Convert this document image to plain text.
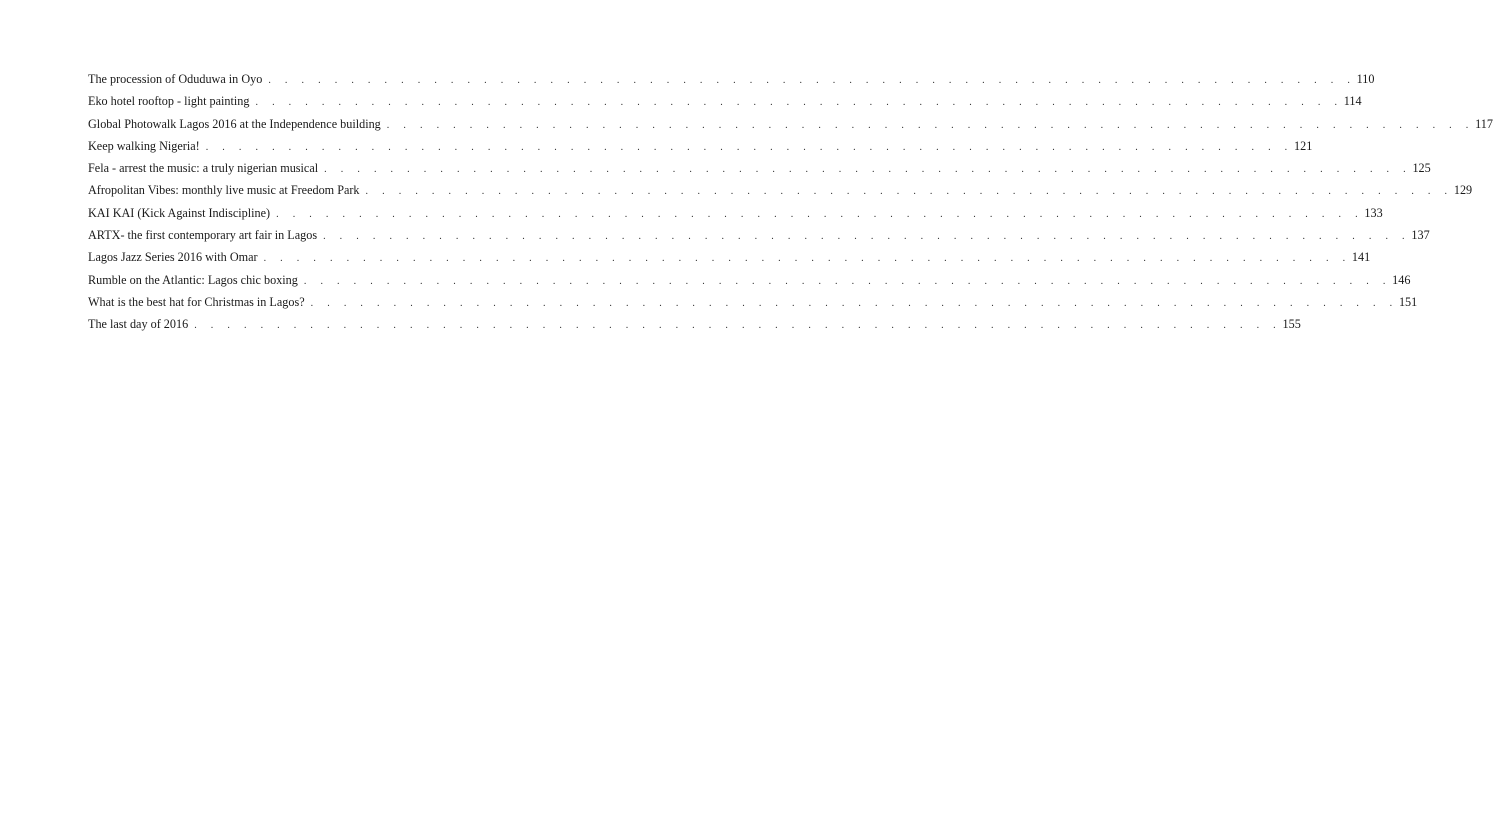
The procession of Oduduwa in Oyo . . .	110
Eko hotel rooftop - light painting . . .	114
Global Photowalk Lagos 2016 at the Independence building . . .	117
Keep walking Nigeria! . . .	121
Fela - arrest the music: a truly nigerian musical . . .	125
Afropolitan Vibes: monthly live music at Freedom Park . . .	129
KAI KAI (Kick Against Indiscipline) . . .	133
ARTX- the first contemporary art fair in Lagos . . .	137
Lagos Jazz Series 2016 with Omar . . .	141
Rumble on the Atlantic: Lagos chic boxing . . .	146
What is the best hat for Christmas in Lagos? . . .	151
The last day of 2016 . . .	155
